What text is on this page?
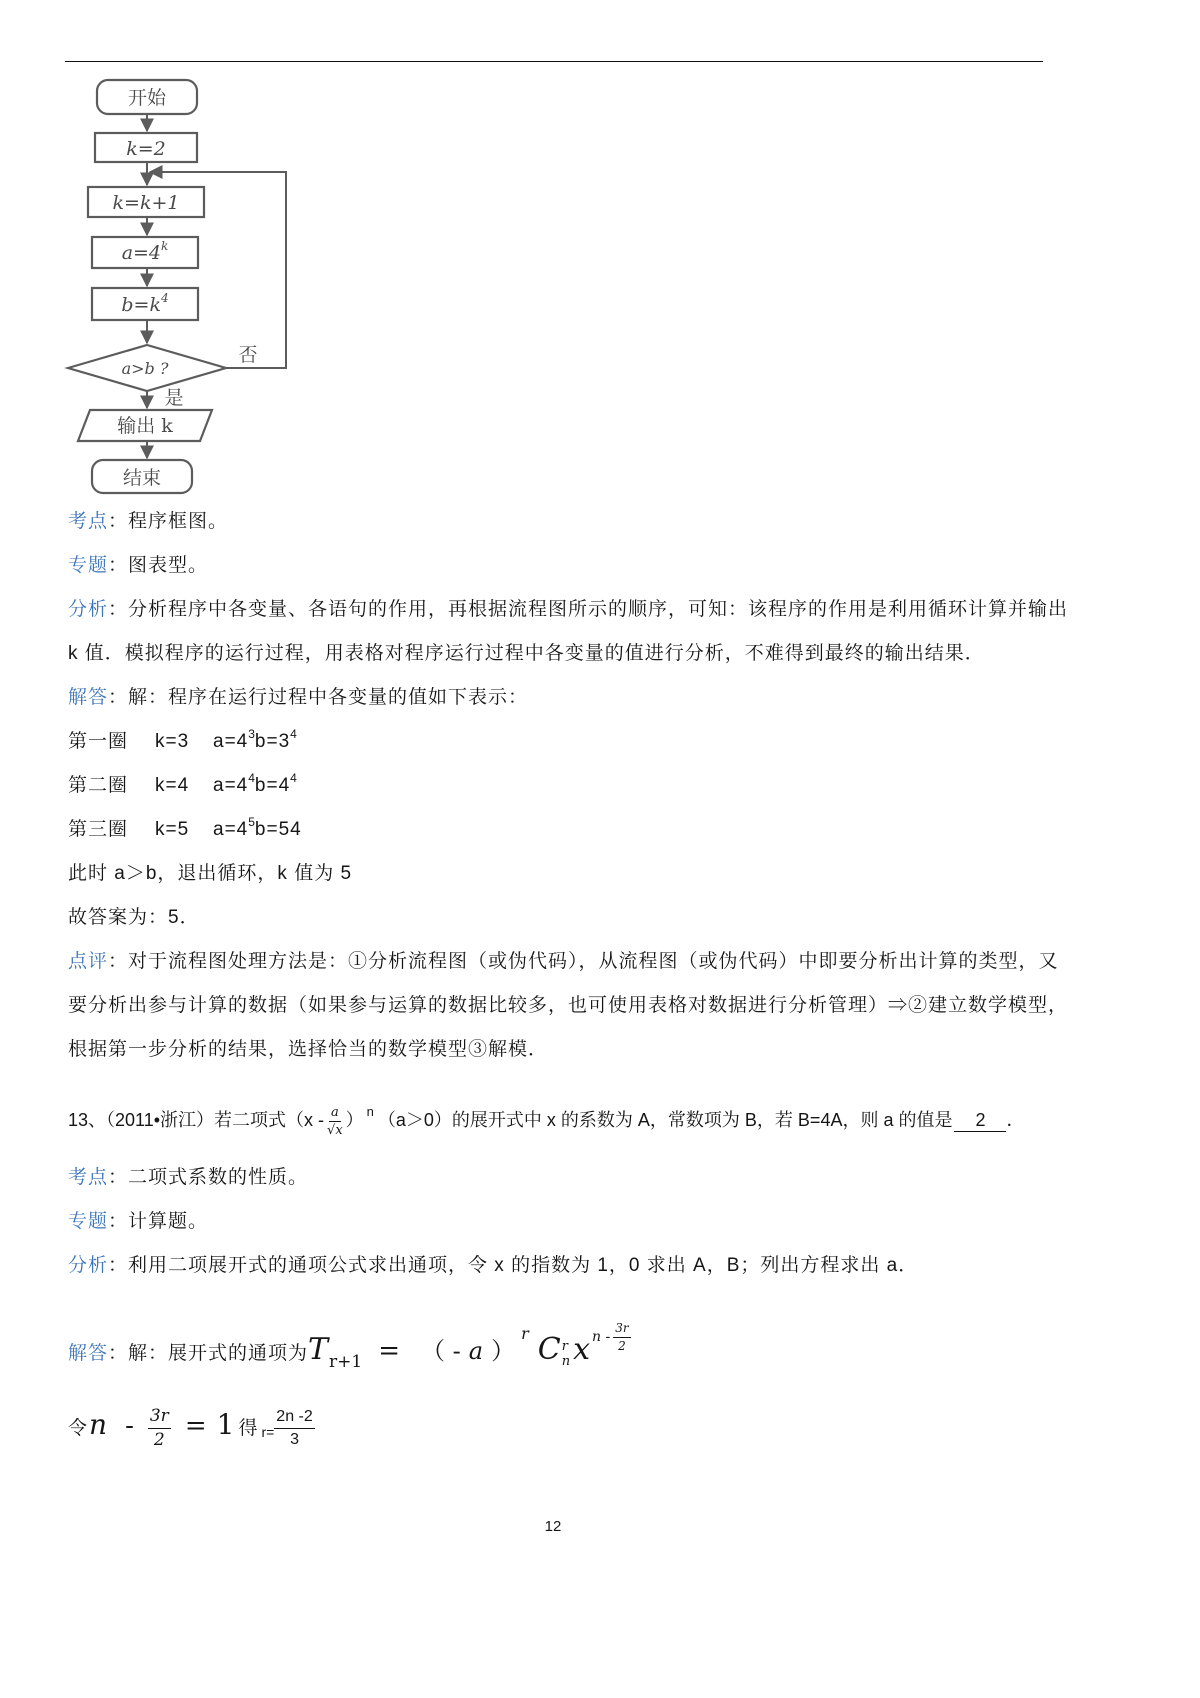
开始
k=2
k=k+1
$a=4^k$
$b=k^4$
a>b ?
否
是
输出 k
结束
考点：程序框图。
专题：图表型。
分析：分析程序中各变量、各语句的作用，再根据流程图所示的顺序，可知：该程序的作用是利用循环计算并输出
k 值．模拟程序的运行过程，用表格对程序运行过程中各变量的值进行分析，不难得到最终的输出结果．
解答：解：程序在运行过程中各变量的值如下表示：
第一圈 k=3 $a=4^3b=3^4$
第二圈 k=4 $a=4^4b=4^4$
第三圈 k=5 $a=4^5b=54$
此时 a＞b，退出循环，k 值为 5
故答案为：5．
点评：对于流程图处理方法是：①分析流程图（或伪代码），从流程图（或伪代码）中即要分析出计算的类型，又
要分析出参与计算的数据（如果参与运算的数据比较多，也可使用表格对数据进行分析管理）⇒②建立数学模型，
根据第一步分析的结果，选择恰当的数学模型③解模．
13、（2011•浙江）若二项式（$x - \frac{a}{√x}$ ） $^n$ （a＞0）的展开式中 x 的系数为 A，常数项为 B，若 B=4A，则 a 的值是 2 ．
考点：二项式系数的性质。
专题：计算题。
分析：利用二项展开式的通项公式求出通项，令 x 的指数为 1，0 求出 A，B；列出方程求出 a．
解答：解：展开式的通项为Tr+1 = （ - a ）$^r$ C r
n x $^{n - \frac{3r}{2}}$
令$n - \frac{3r}{2} = 1$ 得 $r= \frac{2n -2}{3}$
12
